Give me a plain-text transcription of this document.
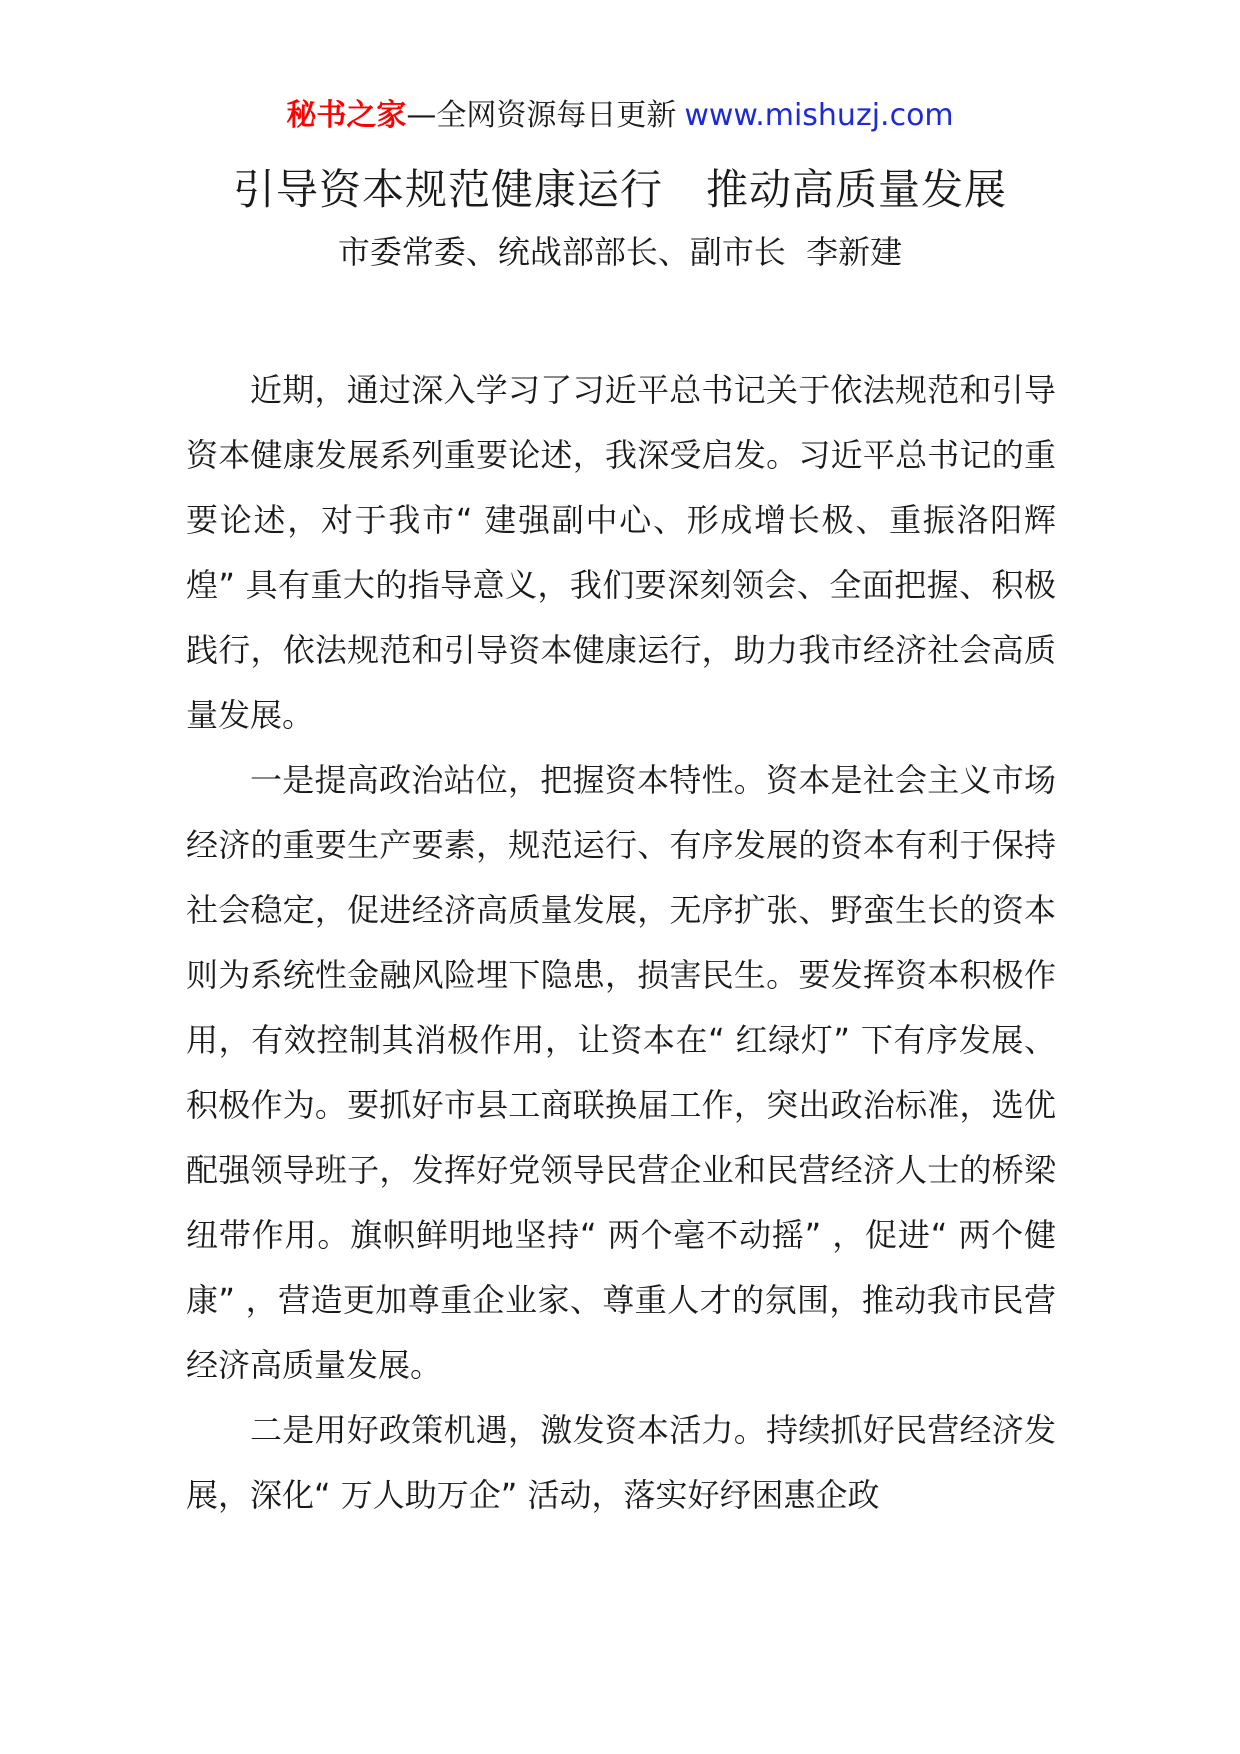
秘书之家—全网资源每日更新 www.mishuzj.com
引导资本规范健康运行　推动高质量发展
市委常委、统战部部长、副市长  李新建

近期，通过深入学习了习近平总书记关于依法规范和引导资本健康发展系列重要论述，我深受启发。习近平总书记的重要论述，对于我市“ 建强副中心、形成增长极、重振洛阳辉煌” 具有重大的指导意义，我们要深刻领会、全面把握、积极践行，依法规范和引导资本健康运行，助力我市经济社会高质量发展。

一是提高政治站位，把握资本特性。资本是社会主义市场经济的重要生产要素，规范运行、有序发展的资本有利于保持社会稳定，促进经济高质量发展，无序扩张、野蛮生长的资本则为系统性金融风险埋下隐患，损害民生。要发挥资本积极作用，有效控制其消极作用，让资本在“ 红绿灯” 下有序发展、积极作为。要抓好市县工商联换届工作，突出政治标准，选优配强领导班子，发挥好党领导民营企业和民营经济人士的桥梁纽带作用。旗帜鲜明地坚持“ 两个毫不动摇” ，促进“ 两个健康” ，营造更加尊重企业家、尊重人才的氛围，推动我市民营经济高质量发展。

二是用好政策机遇，激发资本活力。持续抓好民营经济发展，深化“ 万人助万企” 活动，落实好纾困惠企政
